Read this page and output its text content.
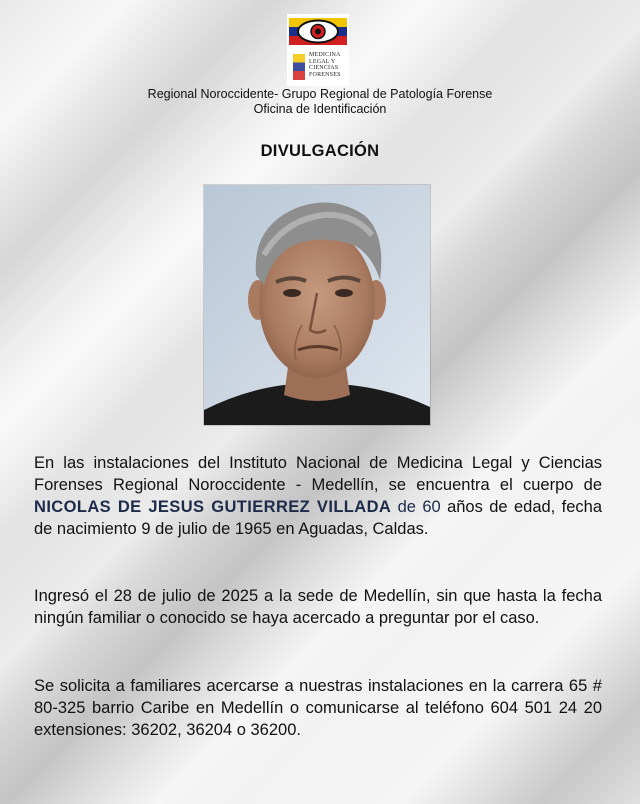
MEDICINA
LEGAL Y
CIENCIAS
FORENSES
Regional Noroccidente- Grupo Regional de Patología Forense
Oficina de Identificación
DIVULGACIÓN
En las instalaciones del Instituto Nacional de Medicina Legal y Ciencias Forenses Regional Noroccidente - Medellín, se encuentra el cuerpo de NICOLAS DE JESUS GUTIERREZ VILLADA de 60 años de edad, fecha de nacimiento 9 de julio de 1965 en Aguadas, Caldas.
Ingresó el 28 de julio de 2025 a la sede de Medellín, sin que hasta la fecha ningún familiar o conocido se haya acercado a preguntar por el caso.
Se solicita a familiares acercarse a nuestras instalaciones en la carrera 65 # 80-325 barrio Caribe en Medellín o comunicarse al teléfono 604 501 24 20 extensiones: 36202, 36204 o 36200.
